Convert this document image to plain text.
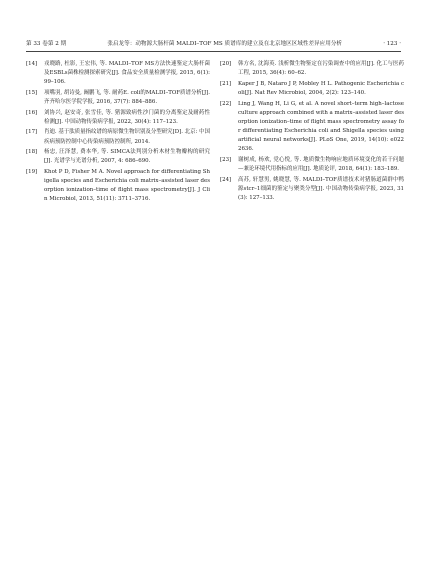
第 33 卷第 2 期	张启龙等：动物源大肠杆菌 MALDI–TOF MS 质谱库的建立及在北京地区区域性差异应用分析	· 123 ·
[14]	戎晓路, 杜影, 王宏伟, 等. MALDI–TOF MS方法快速鉴定大肠杆菌及ESBLs菌株检测探索研究[J]. 食品安全质量检测学报, 2015, 6(1): 99–106.
[15]	项嘴羽, 胡诗曼, 阚鹏飞, 等. 耐药E. coli的MALDI–TOF质谱分析[J]. 齐齐哈尔医学院学报, 2016, 37(7): 884–886.
[16]	刘协兴, 赵安奇, 张雪佳, 等. 猪源致病性沙门菌的分离鉴定及耐药性检测[J]. 中国动物传染病学报, 2022, 30(4): 117–123.
[17]	肖迪. 基于肽质量指纹谱的病原微生物识别及分型研究[D]. 北京: 中国疾病预防控制中心传染病预防控制所, 2014.
[18]	杨忠, 汪泽慧, 费本华, 等. SIMCA法判别分析木材生物瓣构的研究[J]. 光谱学与光谱分析, 2007, 4: 686–690.
[19]	Khot P D, Fisher M A. Novel approach for differentiating Shigella species and Escherichia coli matrix–assisted laser desorption ionization–time of flight mass spectrometry[J]. J Clin Microbiol, 2013, 51(11): 3711–3716.
[20]	韩方名, 沈海英. 浅析微生物鉴定在污染调查中的应用[J]. 化工与医药工程, 2015, 36(4): 60–62.
[21]	Kaper J B, Nataro J P, Mobley H L. Pathogenic Escherichia coli[J]. Nat Rev Microbiol, 2004, 2(2): 123–140.
[22]	Ling J, Wang H, Li G, et al. A novel short–term high–lactose culture approach combined with a matrix–assisted laser desorption ionization–time of flight mass spectrometry assay for differentiating Escherichia coli and Shigella species using artificial neural networks[J]. PLoS One, 2019, 14(10): e0222636.
[23]	谢树成, 杨欢, 党心悦, 等. 地质微生物响应地质环境变化的若干问题—兼论环境代用指标的应用[J]. 地质论评, 2018, 64(1): 183–189.
[24]	高苏, 轩慧男, 姚晓慧, 等. MALDI–TOF质谱技术对猪肠道菌群中鸭源stcr–1细菌的鉴定与聚类分型[J]. 中国动物传染病学报, 2023, 31(3): 127–133.
